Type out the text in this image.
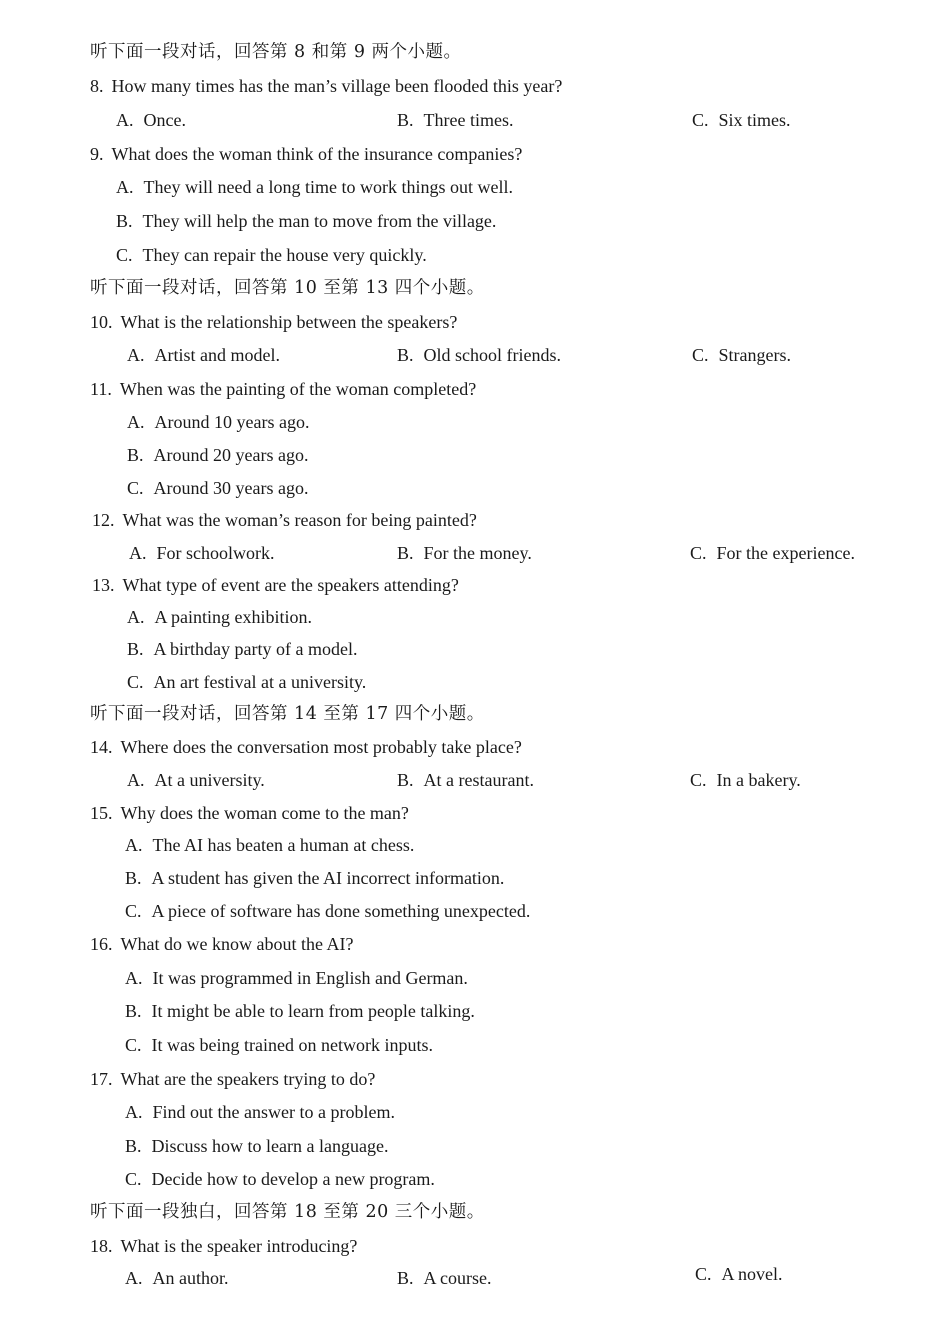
听下面一段对话，回答第 8 和第 9 两个小题。
8. How many times has the man’s village been flooded this year?
A. Once.	B. Three times.	C. Six times.
9. What does the woman think of the insurance companies?
A. They will need a long time to work things out well.
B. They will help the man to move from the village.
C. They can repair the house very quickly.
听下面一段对话，回答第 10 至第 13 四个小题。
10. What is the relationship between the speakers?
A. Artist and model.	B. Old school friends.	C. Strangers.
11. When was the painting of the woman completed?
A. Around 10 years ago.
B. Around 20 years ago.
C. Around 30 years ago.
12. What was the woman’s reason for being painted?
A. For schoolwork.	B. For the money.	C. For the experience.
13. What type of event are the speakers attending?
A. A painting exhibition.
B. A birthday party of a model.
C. An art festival at a university.
听下面一段对话，回答第 14 至第 17 四个小题。
14. Where does the conversation most probably take place?
A. At a university.	B. At a restaurant.	C. In a bakery.
15. Why does the woman come to the man?
A. The AI has beaten a human at chess.
B. A student has given the AI incorrect information.
C. A piece of software has done something unexpected.
16. What do we know about the AI?
A. It was programmed in English and German.
B. It might be able to learn from people talking.
C. It was being trained on network inputs.
17. What are the speakers trying to do?
A. Find out the answer to a problem.
B. Discuss how to learn a language.
C. Decide how to develop a new program.
听下面一段独白，回答第 18 至第 20 三个小题。
18. What is the speaker introducing?
A. An author.	B. A course.	C. A novel.
